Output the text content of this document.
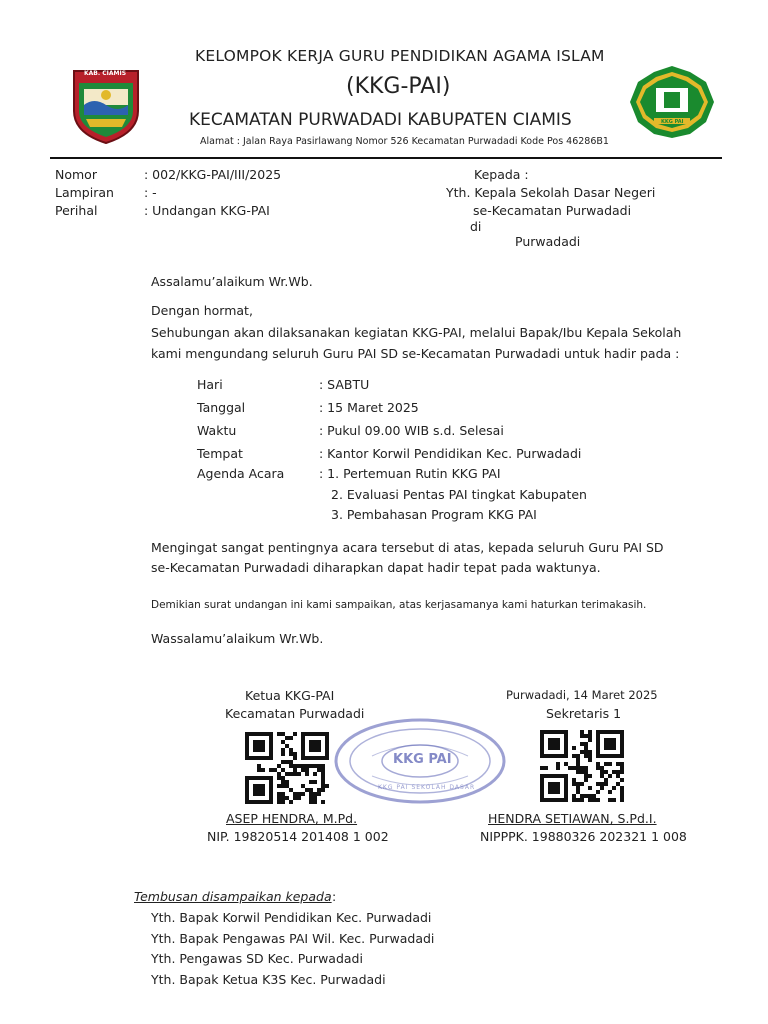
KAB. CIAMIS
KKG PAI
KELOMPOK KERJA GURU PENDIDIKAN AGAMA ISLAM
(KKG-PAI)
KECAMATAN PURWADADI KABUPATEN CIAMIS
Alamat : Jalan Raya Pasirlawang Nomor 526 Kecamatan Purwadadi Kode Pos 46286B1
Nomor	: 002/KKG-PAI/III/2025
Lampiran : -
Perihal	: Undangan KKG-PAI
Kepada :
Yth. Kepala Sekolah Dasar Negeri
se-Kecamatan Purwadadi
di
Purwadadi
Assalamu’alaikum Wr.Wb.
Dengan hormat,
Sehubungan akan dilaksanakan kegiatan KKG-PAI, melalui Bapak/Ibu Kepala Sekolah
kami mengundang seluruh Guru PAI SD se-Kecamatan Purwadadi untuk hadir pada :
Hari	: SABTU
Tanggal	: 15 Maret 2025
Waktu	: Pukul 09.00 WIB s.d. Selesai
Tempat	: Kantor Korwil Pendidikan Kec. Purwadadi
Agenda Acara	: 1. Pertemuan Rutin KKG PAI
2. Evaluasi Pentas PAI tingkat Kabupaten
3. Pembahasan Program KKG PAI
Mengingat sangat pentingnya acara tersebut di atas, kepada seluruh Guru PAI SD
se-Kecamatan Purwadadi diharapkan dapat hadir tepat pada waktunya.
Demikian surat undangan ini kami sampaikan, atas kerjasamanya kami haturkan terimakasih.
Wassalamu’alaikum Wr.Wb.
Ketua KKG-PAI
Kecamatan Purwadadi
Purwadadi, 14 Maret 2025
Sekretaris 1
KKG PAI
KKG PAI SEKOLAH DASAR
ASEP HENDRA, M.Pd.
NIP. 19820514 201408 1 002
HENDRA SETIAWAN, S.Pd.I.
NIPPPK. 19880326 202321 1 008
Tembusan disampaikan kepada :
Yth. Bapak Korwil Pendidikan Kec. Purwadadi
Yth. Bapak Pengawas PAI Wil. Kec. Purwadadi
Yth. Pengawas SD Kec. Purwadadi
Yth. Bapak Ketua K3S Kec. Purwadadi
